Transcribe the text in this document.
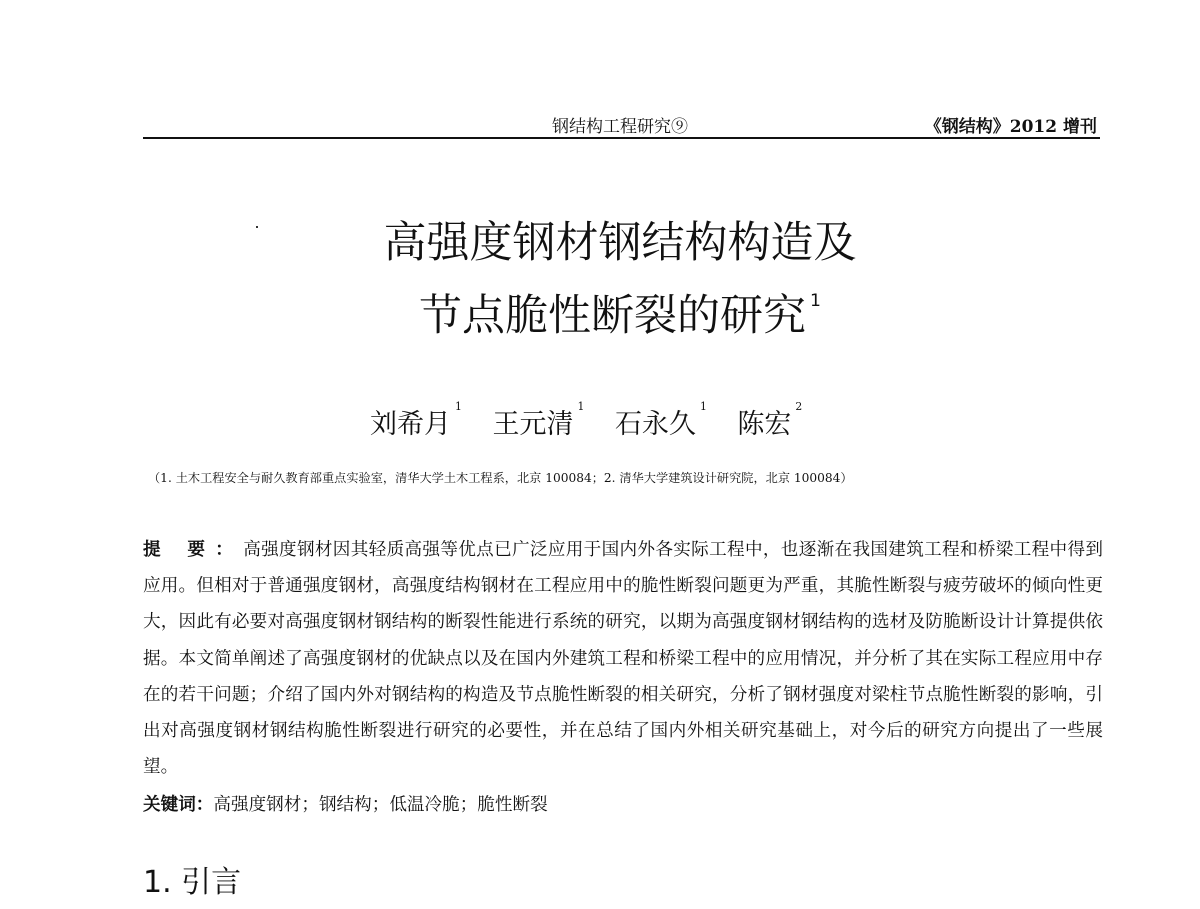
钢结构工程研究⑨	《钢结构》2012 增刊
高强度钢材钢结构构造及
节点脆性断裂的研究 $^1$
刘希月$^1$ 王元清$^1$ 石永久$^1$ 陈宏$^2$
（1. 土木工程安全与耐久教育部重点实验室，清华大学土木工程系，北京 100084；2. 清华大学建筑设计研究院，北京 100084）
提 要：高强度钢材因其轻质高强等优点已广泛应用于国内外各实际工程中，也逐渐在我国建筑工程和桥梁工程中得到应用。但相对于普通强度钢材，高强度结构钢材在工程应用中的脆性断裂问题更为严重，其脆性断裂与疲劳破坏的倾向性更大，因此有必要对高强度钢材钢结构的断裂性能进行系统的研究，以期为高强度钢材钢结构的选材及防脆断设计计算提供依据。本文简单阐述了高强度钢材的优缺点以及在国内外建筑工程和桥梁工程中的应用情况，并分析了其在实际工程应用中存在的若干问题；介绍了国内外对钢结构的构造及节点脆性断裂的相关研究，分析了钢材强度对梁柱节点脆性断裂的影响，引出对高强度钢材钢结构脆性断裂进行研究的必要性，并在总结了国内外相关研究基础上，对今后的研究方向提出了一些展望。
关键词：高强度钢材；钢结构；低温冷脆；脆性断裂
1. 引言
